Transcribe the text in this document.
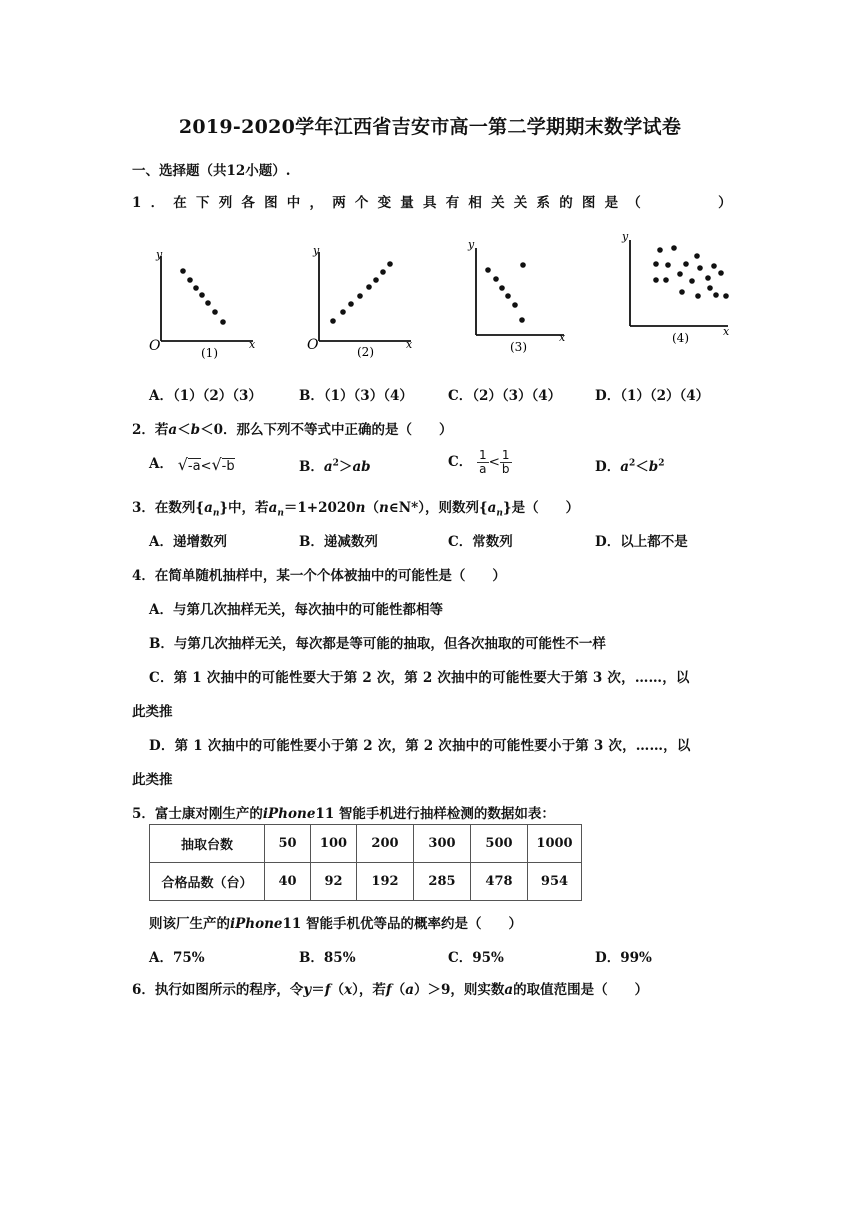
2019-2020学年江西省吉安市高一第二学期期末数学试卷
一、选择题（共12小题）.
1．在下列各图中，两个变量具有相关关系的图是（　　　）
y
O	x
(1)
y
O	x
(2)
y
x
(3)
y
x
(4)
A．（1）（2）（3）	B．（1）（3）（4）	C．（2）（3）（4）	D．（1）（2）（4）
2．若a＜b＜0．那么下列不等式中正确的是（　　）
A． √-a<√-b	B．$a^2>ab$	C． $\frac{1}{a} < \frac{1}{b}$	D．$a^2<b^2$
3．在数列$\{a_n\}$中，若$a_n=1+2020n(n\in N*)$，则数列$\{a_n\}$是（　　）
A．递增数列	B．递减数列	C．常数列	D．以上都不是
4．在简单随机抽样中，某一个个体被抽中的可能性是（　　）
A．与第几次抽样无关，每次抽中的可能性都相等
B．与第几次抽样无关，每次都是等可能的抽取，但各次抽取的可能性不一样
C．第 1 次抽中的可能性要大于第 2 次，第 2 次抽中的可能性要大于第 3 次，……，以
此类推
D．第 1 次抽中的可能性要小于第 2 次，第 2 次抽中的可能性要小于第 3 次，……，以
此类推
5．富士康对刚生产的iPhone11 智能手机进行抽样检测的数据如表：
抽取台数	50	100	200	300	500	1000
合格品数（台）	40	92	192	285	478	954
则该厂生产的iPhone11 智能手机优等品的概率约是（　　）
A．75%	B．85%	C．95%	D．99%
6．执行如图所示的程序，令y＝f（x），若f（a）＞9，则实数a的取值范围是（　　）
